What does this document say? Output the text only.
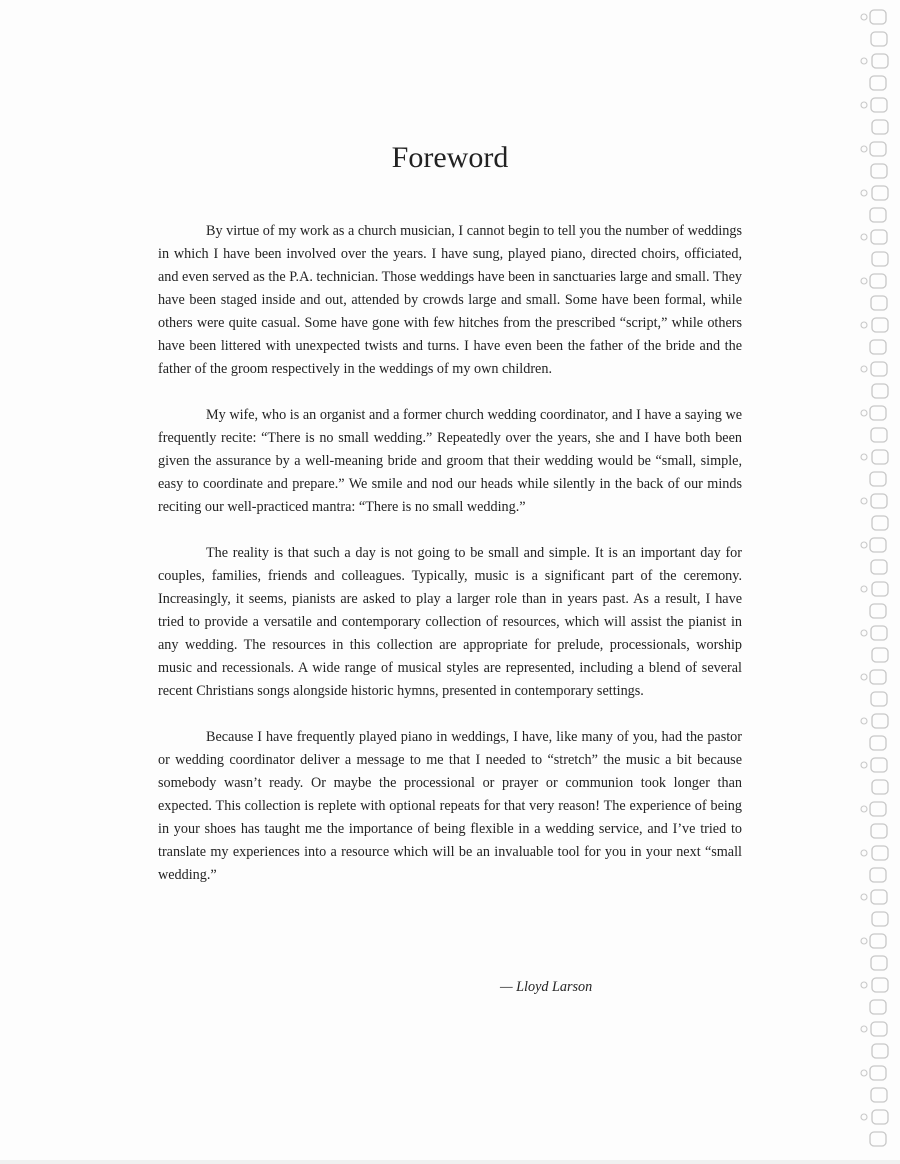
Foreword

By virtue of my work as a church musician, I cannot begin to tell you the number of weddings in which I have been involved over the years. I have sung, played piano, directed choirs, officiated, and even served as the P.A. technician. Those weddings have been in sanctuaries large and small. They have been staged inside and out, attended by crowds large and small. Some have been formal, while others were quite casual. Some have gone with few hitches from the prescribed “script,” while others have been littered with unexpected twists and turns. I have even been the father of the bride and the father of the groom respectively in the weddings of my own children.

My wife, who is an organist and a former church wedding coordinator, and I have a saying we frequently recite: “There is no small wedding.” Repeatedly over the years, she and I have both been given the assurance by a well-meaning bride and groom that their wedding would be “small, simple, easy to coordinate and prepare.” We smile and nod our heads while silently in the back of our minds reciting our well-practiced mantra: “There is no small wedding.”

The reality is that such a day is not going to be small and simple. It is an important day for couples, families, friends and colleagues. Typically, music is a significant part of the ceremony. Increasingly, it seems, pianists are asked to play a larger role than in years past. As a result, I have tried to provide a versatile and contemporary collection of resources, which will assist the pianist in any wedding. The resources in this collection are appropriate for prelude, processionals, worship music and recessionals. A wide range of musical styles are represented, including a blend of several recent Christians songs alongside historic hymns, presented in contemporary settings.

Because I have frequently played piano in weddings, I have, like many of you, had the pastor or wedding coordinator deliver a message to me that I needed to “stretch” the music a bit because somebody wasn’t ready. Or maybe the processional or prayer or communion took longer than expected. This collection is replete with optional repeats for that very reason! The experience of being in your shoes has taught me the importance of being flexible in a wedding service, and I’ve tried to translate my experiences into a resource which will be an invaluable tool for you in your next “small wedding.”

— Lloyd Larson
